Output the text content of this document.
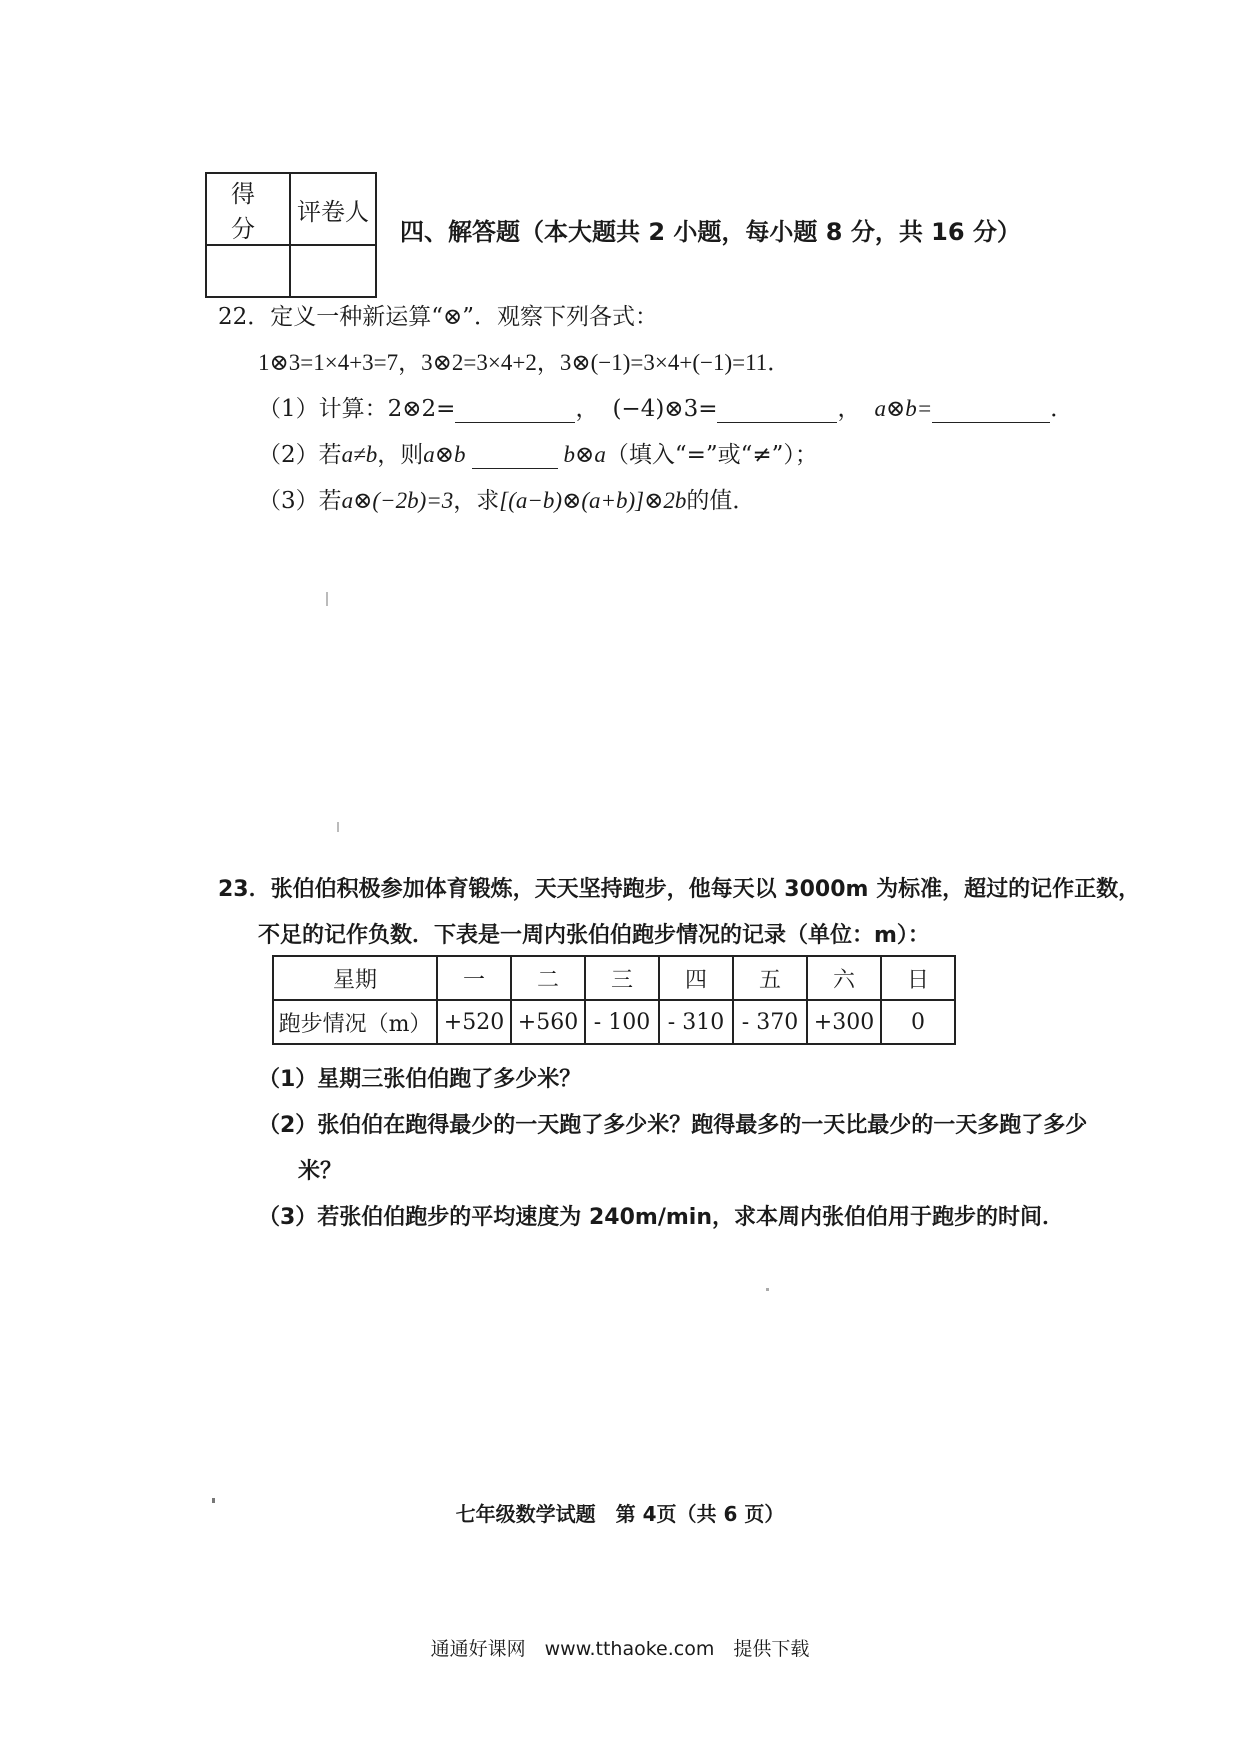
得 分	评卷人

四、解答题（本大题共 2 小题，每小题 8 分，共 16 分）
22．定义一种新运算“⊗”．观察下列各式：
1⊗3=1×4+3=7，3⊗2=3×4+2，3⊗(−1)=3×4+(−1)=11．
（1）计算：2⊗2=	， (−4)⊗3=	， a⊗b=	．
（2）若a≠b，则a⊗b	b⊗a（填入“=”或“≠”）；
（3）若a⊗(−2b)=3，求[(a−b)⊗(a+b)]⊗2b的值．
23．张伯伯积极参加体育锻炼，天天坚持跑步，他每天以 3000m 为标准，超过的记作正数，
不足的记作负数．下表是一周内张伯伯跑步情况的记录（单位：m）：
星期	一	二	三	四	五	六	日
跑步情况（m）	+520	+560	- 100	- 310	- 370	+300	0
（1）星期三张伯伯跑了多少米？
（2）张伯伯在跑得最少的一天跑了多少米？跑得最多的一天比最少的一天多跑了多少
米？
（3）若张伯伯跑步的平均速度为 240m/min，求本周内张伯伯用于跑步的时间．
七年级数学试题　第 4页（共 6 页）
通通好课网　www.tthaoke.com　提供下载
